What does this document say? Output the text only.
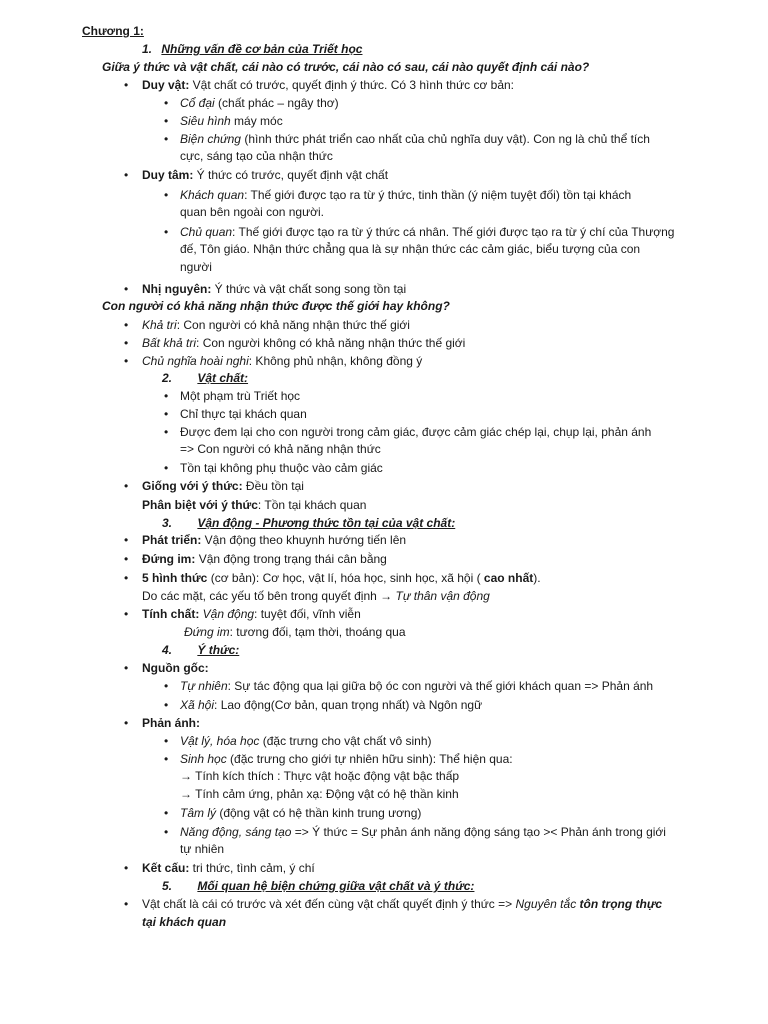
Chương 1:
1. Những vấn đề cơ bản của Triết học
Giữa ý thức và vật chất, cái nào có trước, cái nào có sau, cái nào quyết định cái nào?
• Duy vật: Vật chất có trước, quyết định ý thức. Có 3 hình thức cơ bản:
• Cổ đại (chất phác – ngây thơ)
• Siêu hình máy móc
• Biện chứng (hình thức phát triển cao nhất của chủ nghĩa duy vật). Con ng là chủ thể tích
cực, sáng tạo của nhận thức
• Duy tâm: Ý thức có trước, quyết định vật chất
• Khách quan: Thế giới được tạo ra từ ý thức, tinh thần (ý niệm tuyệt đối) tồn tại khách
quan bên ngoài con người.
• Chủ quan: Thế giới được tạo ra từ ý thức cá nhân. Thế giới được tạo ra từ ý chí của Thượng
đế, Tôn giáo. Nhận thức chẳng qua là sự nhận thức các cảm giác, biểu tượng của con
người
• Nhị nguyên: Ý thức và vật chất song song tồn tại
Con người có khả năng nhận thức được thế giới hay không?
• Khả tri: Con người có khả năng nhận thức thế giới
• Bất khả tri: Con người không có khả năng nhận thức thế giới
• Chủ nghĩa hoài nghi: Không phủ nhận, không đồng ý
2. Vật chất:
• Một phạm trù Triết học
• Chỉ thực tại khách quan
• Được đem lại cho con người trong cảm giác, được cảm giác chép lại, chụp lại, phản ánh
=> Con người có khả năng nhận thức
• Tồn tại không phụ thuộc vào cảm giác
• Giống với ý thức: Đều tồn tại
Phân biệt với ý thức: Tồn tại khách quan
3. Vận động - Phương thức tồn tại của vật chất:
• Phát triển: Vận động theo khuynh hướng tiến lên
• Đứng im: Vận động trong trạng thái cân bằng
• 5 hình thức (cơ bản): Cơ học, vật lí, hóa học, sinh học, xã hội ( cao nhất).
Do các mặt, các yếu tố bên trong quyết định → Tự thân vận động
• Tính chất: Vận động: tuyệt đối, vĩnh viễn
Đứng im: tương đối, tạm thời, thoáng qua
4. Ý thức:
• Nguồn gốc:
• Tự nhiên: Sự tác động qua lại giữa bộ óc con người và thế giới khách quan => Phản ánh
• Xã hội: Lao động(Cơ bản, quan trọng nhất) và Ngôn ngữ
• Phản ánh:
• Vật lý, hóa học (đặc trưng cho vật chất vô sinh)
• Sinh học (đặc trưng cho giới tự nhiên hữu sinh): Thể hiện qua:
→ Tính kích thích : Thực vật hoặc động vật bậc thấp
→ Tính cảm ứng, phản xạ: Động vật có hệ thần kinh
• Tâm lý (động vật có hệ thần kinh trung ương)
• Năng động, sáng tạo => Ý thức = Sự phản ánh năng động sáng tạo >< Phản ánh trong giới
tự nhiên
• Kết cấu: tri thức, tình cảm, ý chí
5. Mối quan hệ biện chứng giữa vật chất và ý thức:
• Vật chất là cái có trước và xét đến cùng vật chất quyết định ý thức => Nguyên tắc tôn trọng thực
tại khách quan
